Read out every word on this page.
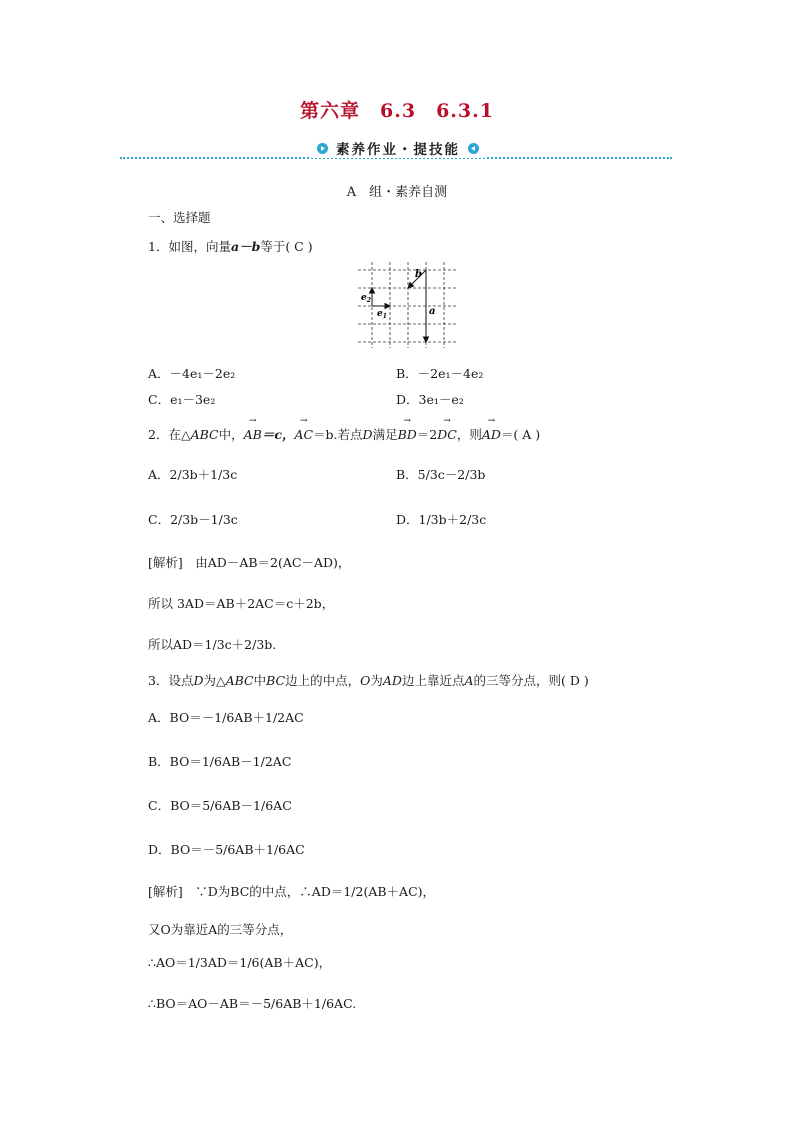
第六章　6.3　6.3.1
素养作业・提技能
A　组・素养自测
一、选择题
1．如图，向量a－b等于( C )
b
a
$e_1$
$e_2$
A．－4e₁－2e₂	B．－2e₁－4e₂
C．e₁－3e₂	D．3e₁－e₂
2．在△ABC中，→ AB＝c，→ AC＝b.若点D满足→ BD＝2→ DC，则→ AD＝( A )
A．2/3b＋1/3c	B．5/3c－2/3b
C．2/3b－1/3c	D．1/3b＋2/3c
[解析]　 由AD－AB＝2(AC－AD)，
所以 3AD＝AB＋2AC＝c＋2b，
所以AD＝1/3c＋2/3b.
3．设点D为△ABC中BC边上的中点，O为AD边上靠近点A的三等分点，则( D )
A．BO＝－1/6AB＋1/2AC
B．BO＝1/6AB－1/2AC
C．BO＝5/6AB－1/6AC
D．BO＝－5/6AB＋1/6AC
[解析]　 ∵D为BC的中点，∴AD＝1/2(AB＋AC)，
又O为靠近A的三等分点，
∴AO＝1/3AD＝1/6(AB＋AC)，
∴BO＝AO－AB＝－5/6AB＋1/6AC.
